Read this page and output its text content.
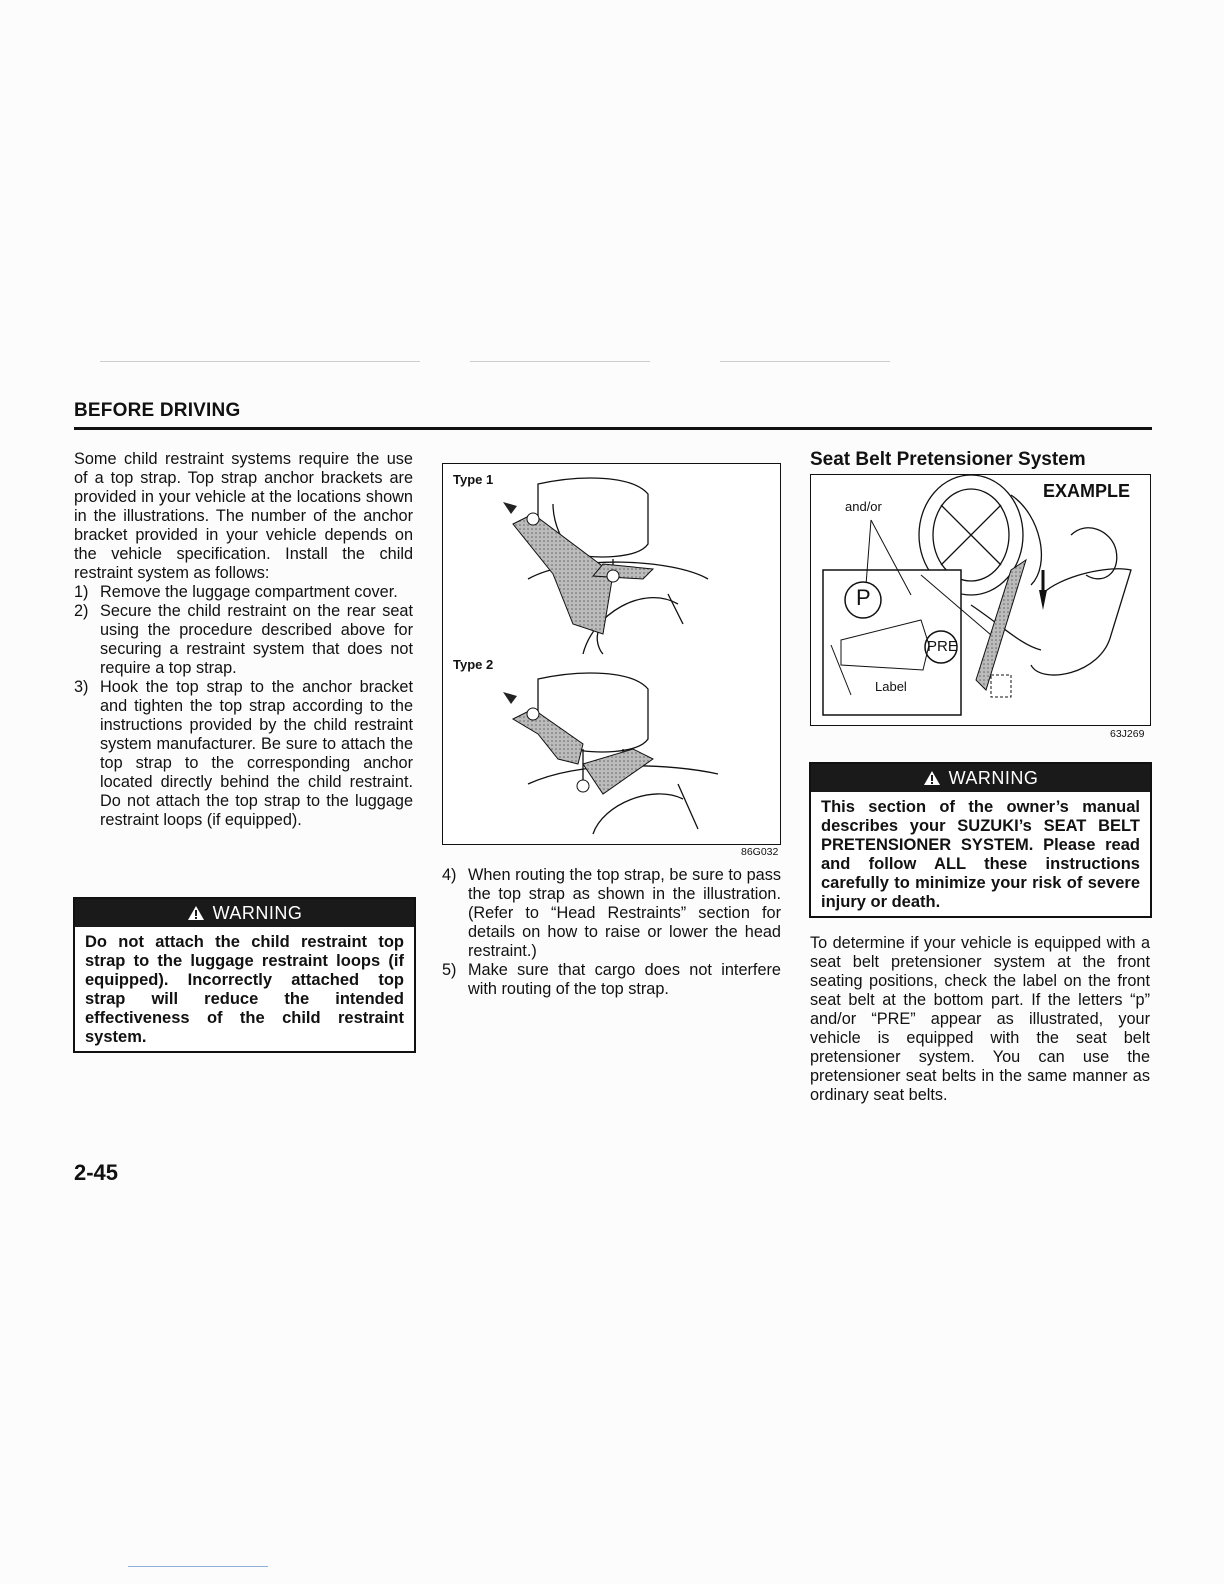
BEFORE DRIVING

Some child restraint systems require the use of a top strap. Top strap anchor brackets are provided in your vehicle at the locations shown in the illustrations. The number of the anchor bracket provided in your vehicle depends on the vehicle specification. Install the child restraint system as follows:

1) Remove the luggage compartment cover.
2) Secure the child restraint on the rear seat using the procedure described above for securing a restraint system that does not require a top strap.
3) Hook the top strap to the anchor bracket and tighten the top strap according to the instructions provided by the child restraint system manufacturer. Be sure to attach the top strap to the corresponding anchor located directly behind the child restraint. Do not attach the top strap to the luggage restraint loops (if equipped).
WARNING
Do not attach the child restraint top strap to the luggage restraint loops (if equipped). Incorrectly attached top strap will reduce the intended effectiveness of the child restraint system.
Type 1
Type 2
86G032
4) When routing the top strap, be sure to pass the top strap as shown in the illustration. (Refer to “Head Restraints” section for details on how to raise or lower the head restraint.)
5) Make sure that cargo does not interfere with routing of the top strap.
Seat Belt Pretensioner System
EXAMPLE
and/or
P
PRE
Label
63J269
WARNING
This section of the owner’s manual describes your SUZUKI’s SEAT BELT PRETENSIONER SYSTEM. Please read and follow ALL these instructions carefully to minimize your risk of severe injury or death.

To determine if your vehicle is equipped with a seat belt pretensioner system at the front seating positions, check the label on the front seat belt at the bottom part. If the letters “p” and/or “PRE” appear as illustrated, your vehicle is equipped with the seat belt pretensioner system. You can use the pretensioner seat belts in the same manner as ordinary seat belts.

2-45
